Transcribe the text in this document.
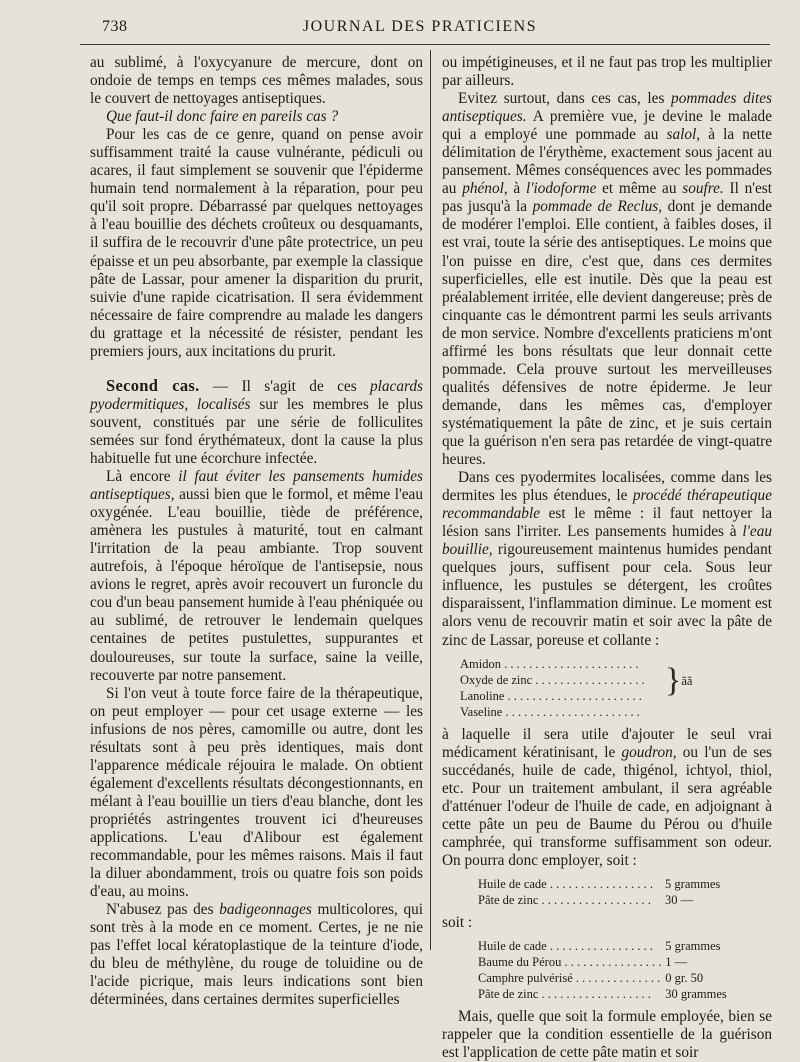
738	JOURNAL DES PRATICIENS

au sublimé, à l'oxycyanure de mercure, dont on ondoie de temps en temps ces mêmes malades, sous le couvert de nettoyages antiseptiques.

Que faut-il donc faire en pareils cas ?

Pour les cas de ce genre, quand on pense avoir suffisamment traité la cause vulnérante, pédiculi ou acares, il faut simplement se souvenir que l'épiderme humain tend normalement à la réparation, pour peu qu'il soit propre. Débarrassé par quelques nettoyages à l'eau bouillie des déchets croûteux ou desquamants, il suffira de le recouvrir d'une pâte protectrice, un peu épaisse et un peu absorbante, par exemple la classique pâte de Lassar, pour amener la disparition du prurit, suivie d'une rapide cicatrisation. Il sera évidemment nécessaire de faire comprendre au malade les dangers du grattage et la nécessité de résister, pendant les premiers jours, aux incitations du prurit.

Second cas. — Il s'agit de ces placards pyodermitiques, localisés sur les membres le plus souvent, constitués par une série de folliculites semées sur fond érythémateux, dont la cause la plus habituelle fut une écorchure infectée.

Là encore il faut éviter les pansements humides antiseptiques, aussi bien que le formol, et même l'eau oxygénée. L'eau bouillie, tiède de préférence, amènera les pustules à maturité, tout en calmant l'irritation de la peau ambiante. Trop souvent autrefois, à l'époque héroïque de l'antisepsie, nous avions le regret, après avoir recouvert un furoncle du cou d'un beau pansement humide à l'eau phéniquée ou au sublimé, de retrouver le lendemain quelques centaines de petites pustulettes, suppurantes et douloureuses, sur toute la surface, saine la veille, recouverte par notre pansement.

Si l'on veut à toute force faire de la thérapeutique, on peut employer — pour cet usage externe — les infusions de nos pères, camomille ou autre, dont les résultats sont à peu près identiques, mais dont l'apparence médicale réjouira le malade. On obtient également d'excellents résultats décongestionnants, en mélant à l'eau bouillie un tiers d'eau blanche, dont les propriétés astringentes trouvent ici d'heureuses applications. L'eau d'Alibour est également recommandable, pour les mêmes raisons. Mais il faut la diluer abondamment, trois ou quatre fois son poids d'eau, au moins.

N'abusez pas des badigeonnages multicolores, qui sont très à la mode en ce moment. Certes, je ne nie pas l'effet local kératoplastique de la teinture d'iode, du bleu de méthylène, du rouge de toluidine ou de l'acide picrique, mais leurs indications sont bien déterminées, dans certaines dermites superficielles

ou impétigineuses, et il ne faut pas trop les multiplier par ailleurs.

Evitez surtout, dans ces cas, les pommades dites antiseptiques. A première vue, je devine le malade qui a employé une pommade au salol, à la nette délimitation de l'érythème, exactement sous jacent au pansement. Mêmes conséquences avec les pommades au phénol, à l'iodoforme et même au soufre. Il n'est pas jusqu'à la pommade de Reclus, dont je demande de modérer l'emploi. Elle contient, à faibles doses, il est vrai, toute la série des antiseptiques. Le moins que l'on puisse en dire, c'est que, dans ces dermites superficielles, elle est inutile. Dès que la peau est préalablement irritée, elle devient dangereuse; près de cinquante cas le démontrent parmi les seuls arrivants de mon service. Nombre d'excellents praticiens m'ont affirmé les bons résultats que leur donnait cette pommade. Cela prouve surtout les merveilleuses qualités défensives de notre épiderme. Je leur demande, dans les mêmes cas, d'employer systématiquement la pâte de zinc, et je suis certain que la guérison n'en sera pas retardée de vingt-quatre heures.

Dans ces pyodermites localisées, comme dans les dermites les plus étendues, le procédé thérapeutique recommandable est le même : il faut nettoyer la lésion sans l'irriter. Les pansements humides à l'eau bouillie, rigoureusement maintenus humides pendant quelques jours, suffisent pour cela. Sous leur influence, les pustules se détergent, les croûtes disparaissent, l'inflammation diminue. Le moment est alors venu de recouvrir matin et soir avec la pâte de zinc de Lassar, poreuse et collante :

Amidon . . . . . . . . . . . . . . . . . . . . . .	}	ãã
Oxyde de zinc . . . . . . . . . . . . . . . . . .
Lanoline . . . . . . . . . . . . . . . . . . . . . .
Vaseline . . . . . . . . . . . . . . . . . . . . . .

à laquelle il sera utile d'ajouter le seul vrai médicament kératinisant, le goudron, ou l'un de ses succédanés, huile de cade, thigénol, ichtyol, thiol, etc. Pour un traitement ambulant, il sera agréable d'atténuer l'odeur de l'huile de cade, en adjoignant à cette pâte un peu de Baume du Pérou ou d'huile camphrée, qui transforme suffisamment son odeur. On pourra donc employer, soit :

Huile de cade . . . . . . . . . . . . . . . . .	5 grammes
Pâte de zinc . . . . . . . . . . . . . . . . . .	30 —

soit :

Huile de cade . . . . . . . . . . . . . . . . .	5 grammes
Baume du Pérou . . . . . . . . . . . . . . . .	1 —
Camphre pulvérisé . . . . . . . . . . . . . .	0 gr. 50
Pâte de zinc . . . . . . . . . . . . . . . . . .	30 grammes

Mais, quelle que soit la formule employée, bien se rappeler que la condition essentielle de la guérison est l'application de cette pâte matin et soir
